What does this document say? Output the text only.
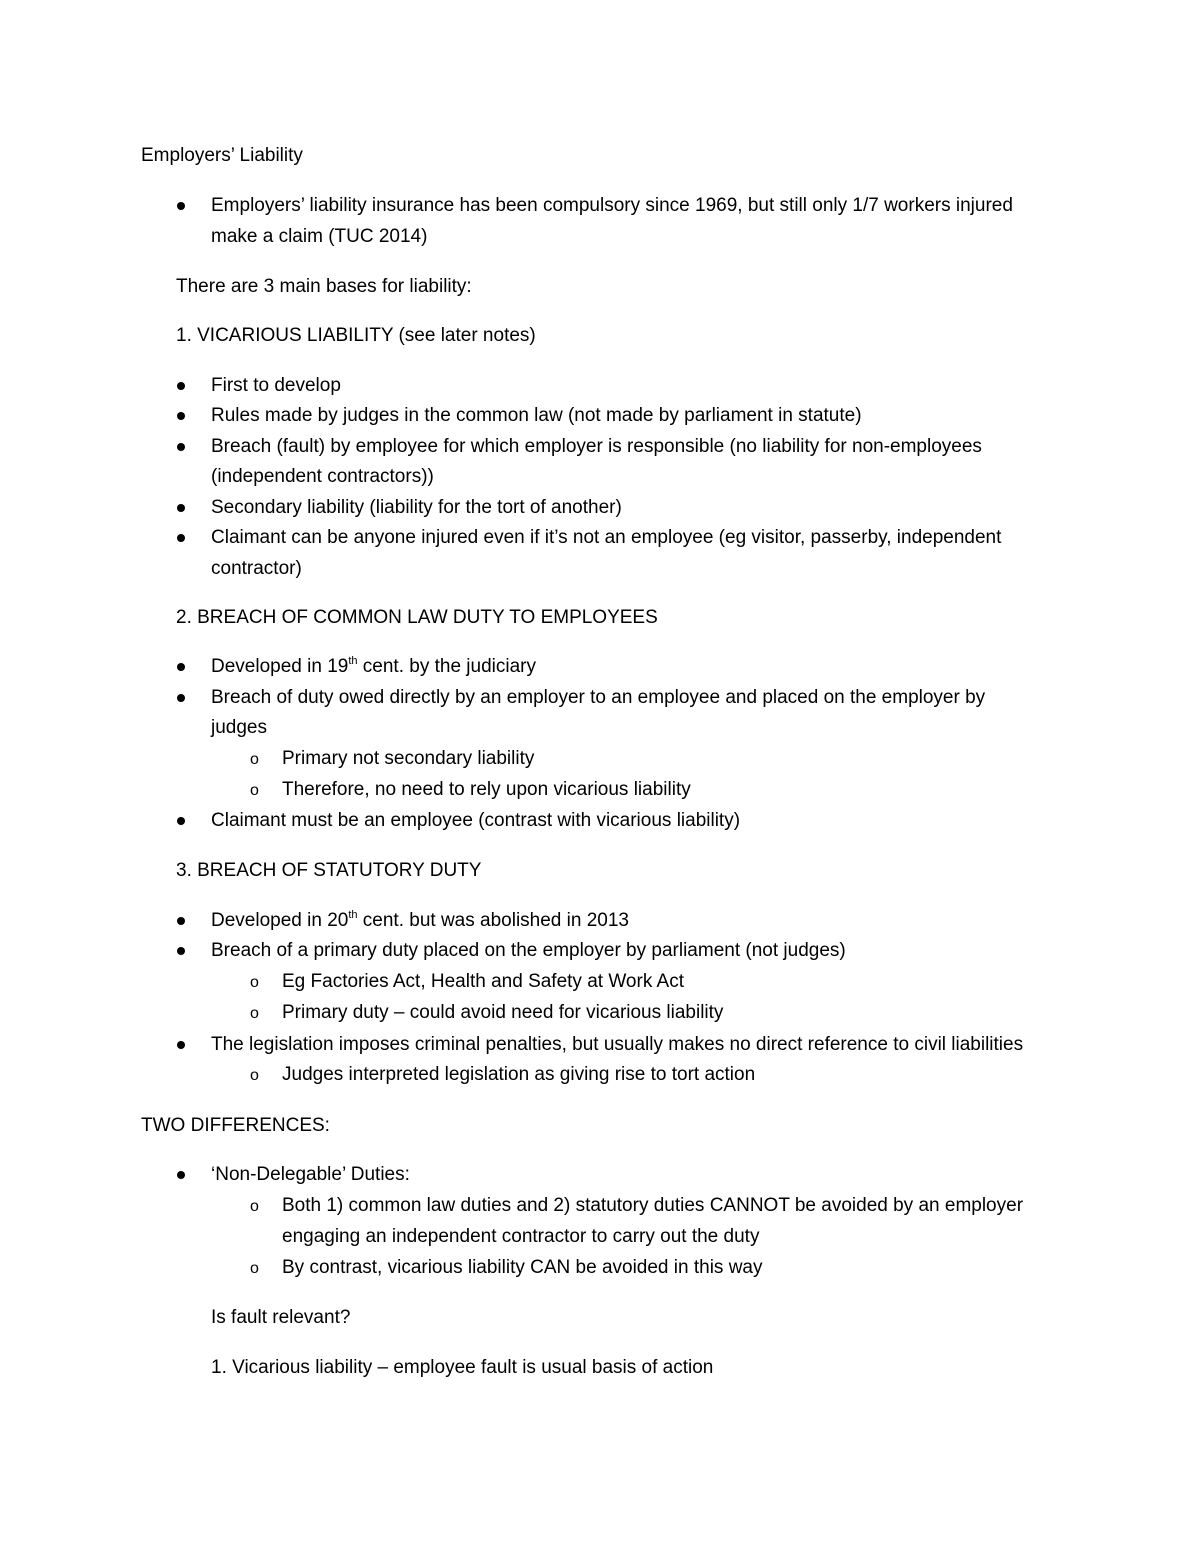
Employers’ Liability
Employers’ liability insurance has been compulsory since 1969, but still only 1/7 workers injured
make a claim (TUC 2014)
There are 3 main bases for liability:
1. VICARIOUS LIABILITY (see later notes)
First to develop
Rules made by judges in the common law (not made by parliament in statute)
Breach (fault) by employee for which employer is responsible (no liability for non-employees
(independent contractors))
Secondary liability (liability for the tort of another)
Claimant can be anyone injured even if it’s not an employee (eg visitor, passerby, independent
contractor)
2. BREACH OF COMMON LAW DUTY TO EMPLOYEES
Developed in 19th cent. by the judiciary
Breach of duty owed directly by an employer to an employee and placed on the employer by
judges
o Primary not secondary liability
o Therefore, no need to rely upon vicarious liability
Claimant must be an employee (contrast with vicarious liability)
3. BREACH OF STATUTORY DUTY
Developed in 20th cent. but was abolished in 2013
Breach of a primary duty placed on the employer by parliament (not judges)
o Eg Factories Act, Health and Safety at Work Act
o Primary duty – could avoid need for vicarious liability
The legislation imposes criminal penalties, but usually makes no direct reference to civil liabilities
o Judges interpreted legislation as giving rise to tort action
TWO DIFFERENCES:
‘Non-Delegable’ Duties:
o Both 1) common law duties and 2) statutory duties CANNOT be avoided by an employer
engaging an independent contractor to carry out the duty
o By contrast, vicarious liability CAN be avoided in this way
Is fault relevant?
1. Vicarious liability – employee fault is usual basis of action
